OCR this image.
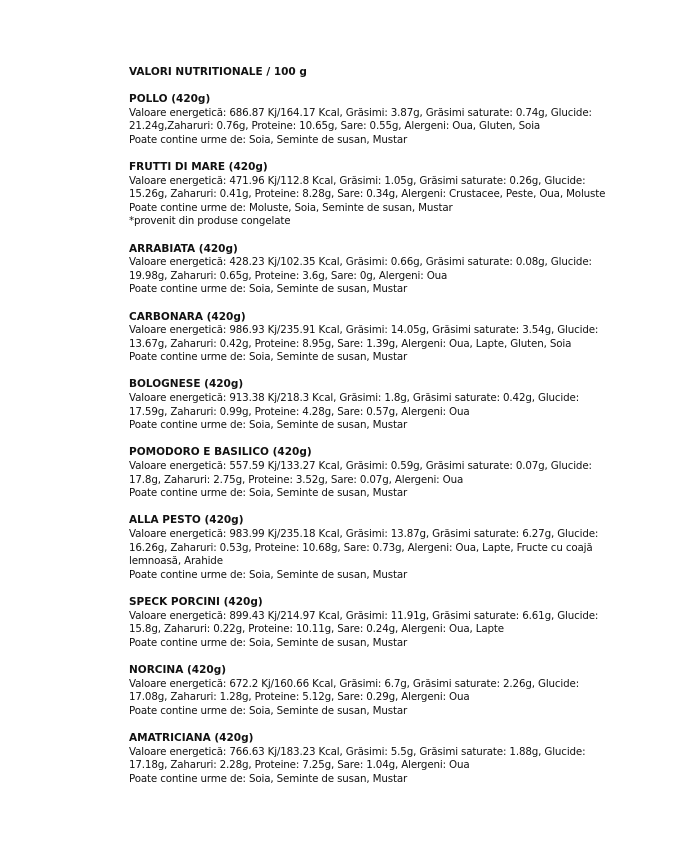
VALORI NUTRITIONALE / 100 g
POLLO (420g)
Valoare energetică: 686.87 Kj/164.17 Kcal, Grăsimi: 3.87g, Grăsimi saturate: 0.74g, Glucide:
21.24g,Zaharuri: 0.76g, Proteine: 10.65g, Sare: 0.55g, Alergeni: Oua, Gluten, Soia
Poate contine urme de: Soia, Seminte de susan, Mustar
FRUTTI DI MARE (420g)
Valoare energetică: 471.96 Kj/112.8 Kcal, Grăsimi: 1.05g, Grăsimi saturate: 0.26g, Glucide:
15.26g, Zaharuri: 0.41g, Proteine: 8.28g, Sare: 0.34g, Alergeni: Crustacee, Peste, Oua, Moluste
Poate contine urme de: Moluste, Soia, Seminte de susan, Mustar
*provenit din produse congelate
ARRABIATA (420g)
Valoare energetică: 428.23 Kj/102.35 Kcal, Grăsimi: 0.66g, Grăsimi saturate: 0.08g, Glucide:
19.98g, Zaharuri: 0.65g, Proteine: 3.6g, Sare: 0g, Alergeni: Oua
Poate contine urme de: Soia, Seminte de susan, Mustar
CARBONARA (420g)
Valoare energetică: 986.93 Kj/235.91 Kcal, Grăsimi: 14.05g, Grăsimi saturate: 3.54g, Glucide:
13.67g, Zaharuri: 0.42g, Proteine: 8.95g, Sare: 1.39g, Alergeni: Oua, Lapte, Gluten, Soia
Poate contine urme de: Soia, Seminte de susan, Mustar
BOLOGNESE (420g)
Valoare energetică: 913.38 Kj/218.3 Kcal, Grăsimi: 1.8g, Grăsimi saturate: 0.42g, Glucide:
17.59g, Zaharuri: 0.99g, Proteine: 4.28g, Sare: 0.57g, Alergeni: Oua
Poate contine urme de: Soia, Seminte de susan, Mustar
POMODORO E BASILICO (420g)
Valoare energetică: 557.59 Kj/133.27 Kcal, Grăsimi: 0.59g, Grăsimi saturate: 0.07g, Glucide:
17.8g, Zaharuri: 2.75g, Proteine: 3.52g, Sare: 0.07g, Alergeni: Oua
Poate contine urme de: Soia, Seminte de susan, Mustar
ALLA PESTO (420g)
Valoare energetică: 983.99 Kj/235.18 Kcal, Grăsimi: 13.87g, Grăsimi saturate: 6.27g, Glucide:
16.26g, Zaharuri: 0.53g, Proteine: 10.68g, Sare: 0.73g, Alergeni: Oua, Lapte, Fructe cu coajă
lemnoasă, Arahide
Poate contine urme de: Soia, Seminte de susan, Mustar
SPECK PORCINI (420g)
Valoare energetică: 899.43 Kj/214.97 Kcal, Grăsimi: 11.91g, Grăsimi saturate: 6.61g, Glucide:
15.8g, Zaharuri: 0.22g, Proteine: 10.11g, Sare: 0.24g, Alergeni: Oua, Lapte
Poate contine urme de: Soia, Seminte de susan, Mustar
NORCINA (420g)
Valoare energetică: 672.2 Kj/160.66 Kcal, Grăsimi: 6.7g, Grăsimi saturate: 2.26g, Glucide:
17.08g, Zaharuri: 1.28g, Proteine: 5.12g, Sare: 0.29g, Alergeni: Oua
Poate contine urme de: Soia, Seminte de susan, Mustar
AMATRICIANA (420g)
Valoare energetică: 766.63 Kj/183.23 Kcal, Grăsimi: 5.5g, Grăsimi saturate: 1.88g, Glucide:
17.18g, Zaharuri: 2.28g, Proteine: 7.25g, Sare: 1.04g, Alergeni: Oua
Poate contine urme de: Soia, Seminte de susan, Mustar
